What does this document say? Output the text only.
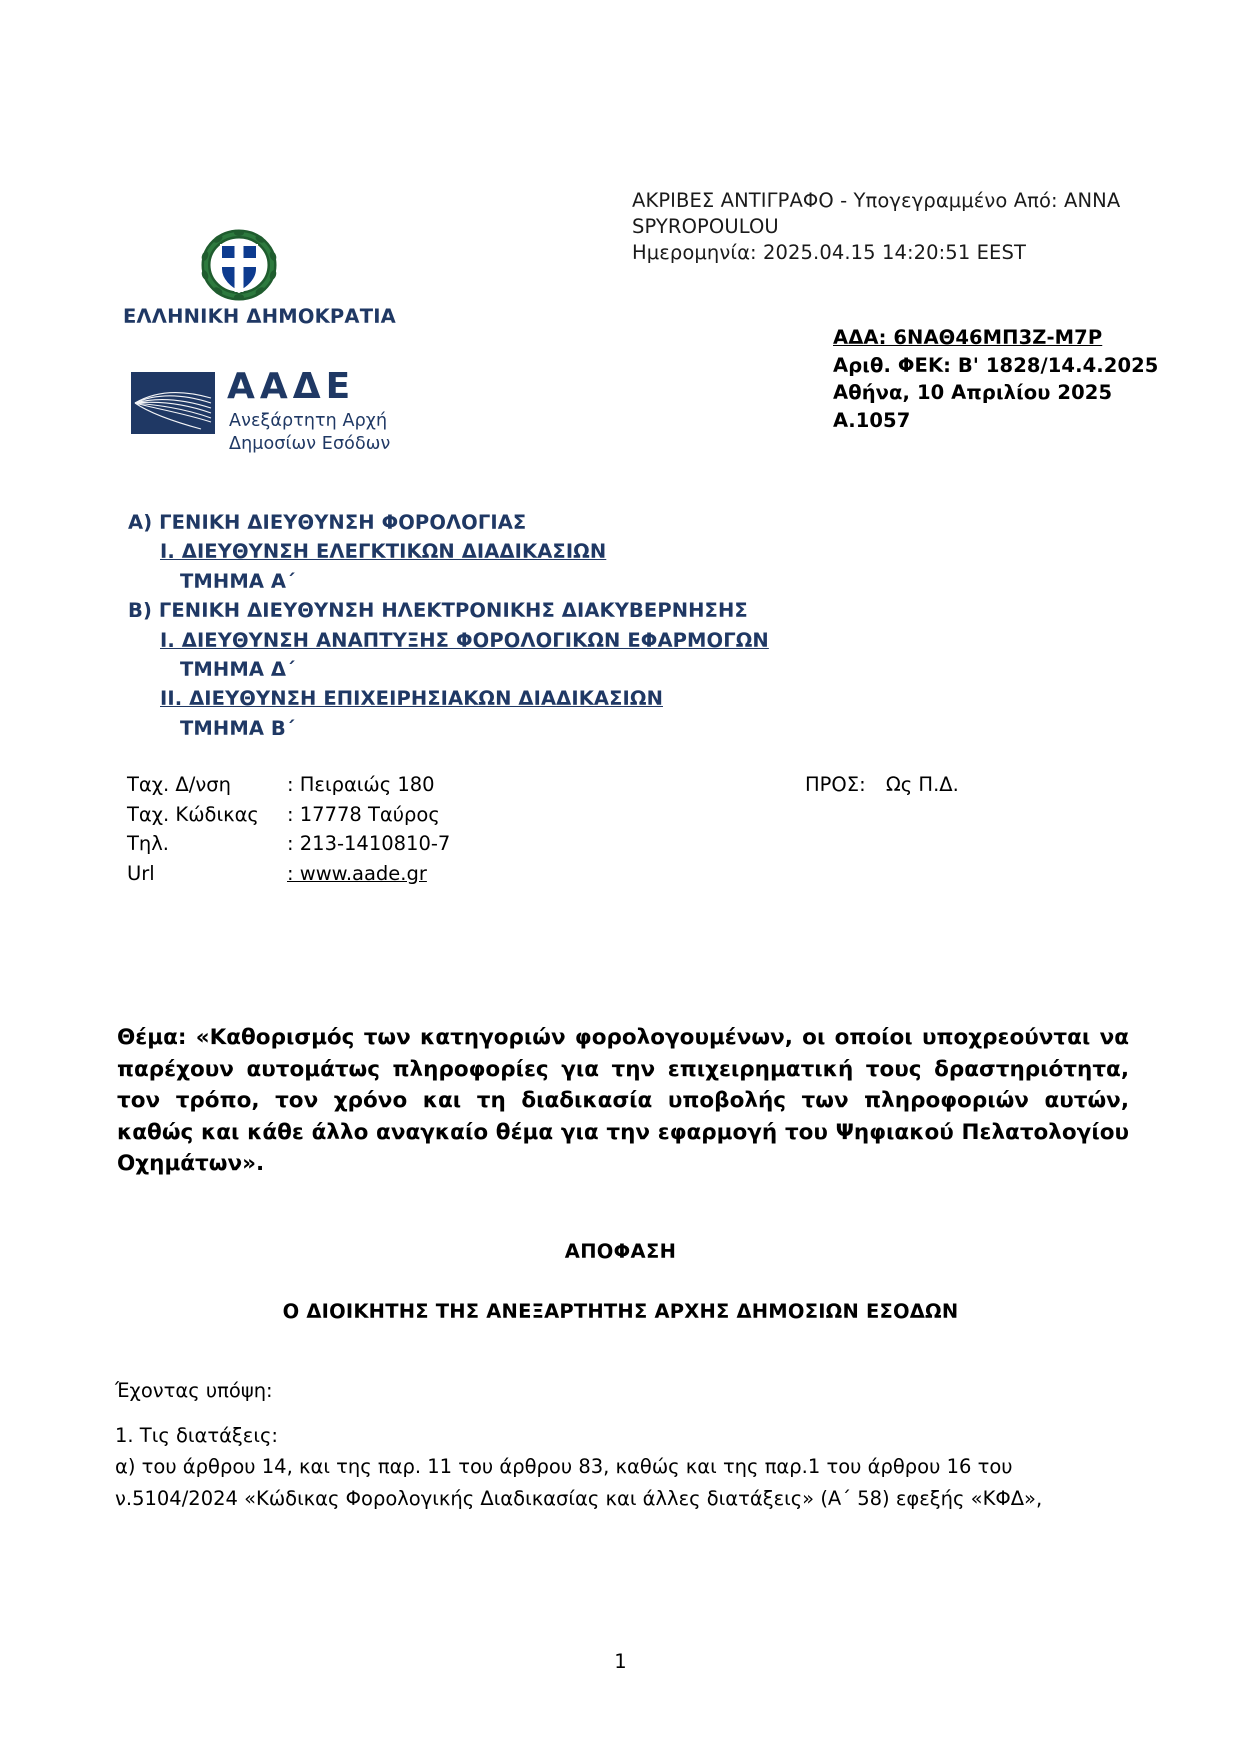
ΑΚΡΙΒΕΣ ΑΝΤΙΓΡΑΦΟ - Υπογεγραμμένο Από: ANNA
SPYROPOULOU
Ημερομηνία: 2025.04.15 14:20:51 EEST
ΕΛΛΗΝΙΚΗ ΔΗΜΟΚΡΑΤΙΑ
ΑΑΔΕ
Ανεξάρτητη Αρχή
Δημοσίων Εσόδων
ΑΔΑ: 6ΝΑΘ46ΜΠ3Ζ-Μ7Ρ
Αριθ. ΦΕΚ: Β' 1828/14.4.2025
Αθήνα, 10 Απριλίου 2025
Α.1057
Α) ΓΕΝΙΚΗ ΔΙΕΥΘΥΝΣΗ ΦΟΡΟΛΟΓΙΑΣ
Ι. ΔΙΕΥΘΥΝΣΗ ΕΛΕΓΚΤΙΚΩΝ ΔΙΑΔΙΚΑΣΙΩΝ
ΤΜΗΜΑ Α΄
Β) ΓΕΝΙΚΗ ΔΙΕΥΘΥΝΣΗ ΗΛΕΚΤΡΟΝΙΚΗΣ ΔΙΑΚΥΒΕΡΝΗΣΗΣ
Ι. ΔΙΕΥΘΥΝΣΗ ΑΝΑΠΤΥΞΗΣ ΦΟΡΟΛΟΓΙΚΩΝ ΕΦΑΡΜΟΓΩΝ
ΤΜΗΜΑ Δ΄
ΙΙ. ΔΙΕΥΘΥΝΣΗ ΕΠΙΧΕΙΡΗΣΙΑΚΩΝ ΔΙΑΔΙΚΑΣΙΩΝ
ΤΜΗΜΑ Β΄
Ταχ. Δ/νση	: Πειραιώς 180
Ταχ. Κώδικας	: 17778 Ταύρος
Τηλ.	: 213-1410810-7
Url	: www.aade.gr
ΠΡΟΣ: Ως Π.Δ.
Θέμα: «Καθορισμός των κατηγοριών φορολογουμένων, οι οποίοι υποχρεούνται να παρέχουν αυτομάτως πληροφορίες για την επιχειρηματική τους δραστηριότητα, τον τρόπο, τον χρόνο και τη διαδικασία υποβολής των πληροφοριών αυτών, καθώς και κάθε άλλο αναγκαίο θέμα για την εφαρμογή του Ψηφιακού Πελατολογίου Οχημάτων».
ΑΠΟΦΑΣΗ
Ο ΔΙΟΙΚΗΤΗΣ ΤΗΣ ΑΝΕΞΑΡΤΗΤΗΣ ΑΡΧΗΣ ΔΗΜΟΣΙΩΝ ΕΣΟΔΩΝ

Έχοντας υπόψη:

1. Τις διατάξεις:

α) του άρθρου 14, και της παρ. 11 του άρθρου 83, καθώς και της παρ.1 του άρθρου 16 του

ν.5104/2024 «Κώδικας Φορολογικής Διαδικασίας και άλλες διατάξεις» (Α΄ 58) εφεξής «ΚΦΔ»,

1
